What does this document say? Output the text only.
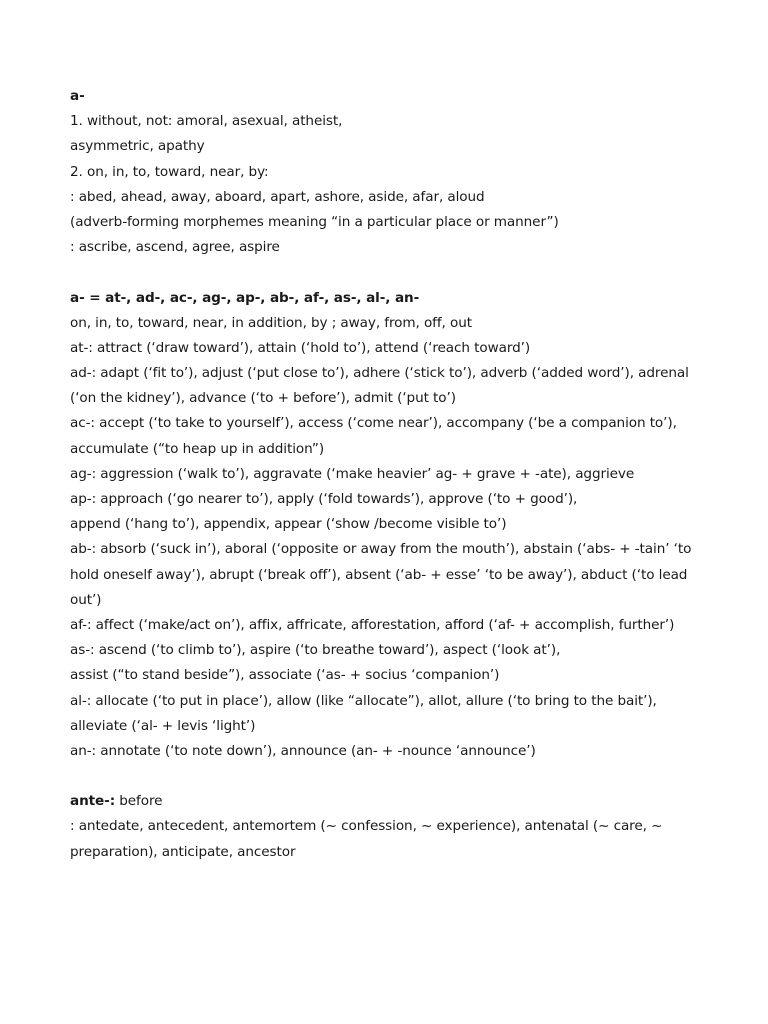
a-
1. without, not: amoral, asexual, atheist,
asymmetric, apathy
2. on, in, to, toward, near, by:
: abed, ahead, away, aboard, apart, ashore, aside, afar, aloud
(adverb-forming morphemes meaning “in a particular place or manner”)
: ascribe, ascend, agree, aspire
a- = at-, ad-, ac-, ag-, ap-, ab-, af-, as-, al-, an-
on, in, to, toward, near, in addition, by ; away, from, off, out
at-: attract (‘draw toward’), attain (‘hold to’), attend (‘reach toward’)
ad-: adapt (‘fit to’), adjust (‘put close to’), adhere (‘stick to’), adverb (‘added word’), adrenal
(‘on the kidney’), advance (‘to + before’), admit (‘put to’)
ac-: accept (‘to take to yourself’), access (‘come near’), accompany (‘be a companion to’),
accumulate (“to heap up in addition”)
ag-: aggression (‘walk to’), aggravate (‘make heavier’ ag- + grave + -ate), aggrieve
ap-: approach (‘go nearer to’), apply (‘fold towards’), approve (‘to + good’),
append (‘hang to’), appendix, appear (‘show /become visible to’)
ab-: absorb (‘suck in’), aboral (‘opposite or away from the mouth’), abstain (‘abs- + -tain’ ‘to
hold oneself away’), abrupt (‘break off’), absent (‘ab- + esse’ ‘to be away’), abduct (‘to lead
out’)
af-: affect (‘make/act on’), affix, affricate, afforestation, afford (‘af- + accomplish, further’)
as-: ascend (‘to climb to’), aspire (‘to breathe toward’), aspect (‘look at’),
assist (“to stand beside”), associate (‘as- + socius ‘companion’)
al-: allocate (‘to put in place’), allow (like “allocate”), allot, allure (‘to bring to the bait’),
alleviate (‘al- + levis ‘light’)
an-: annotate (‘to note down’), announce (an- + -nounce ‘announce’)
ante-: before
: antedate, antecedent, antemortem (~ confession, ~ experience), antenatal (~ care, ~
preparation), anticipate, ancestor
